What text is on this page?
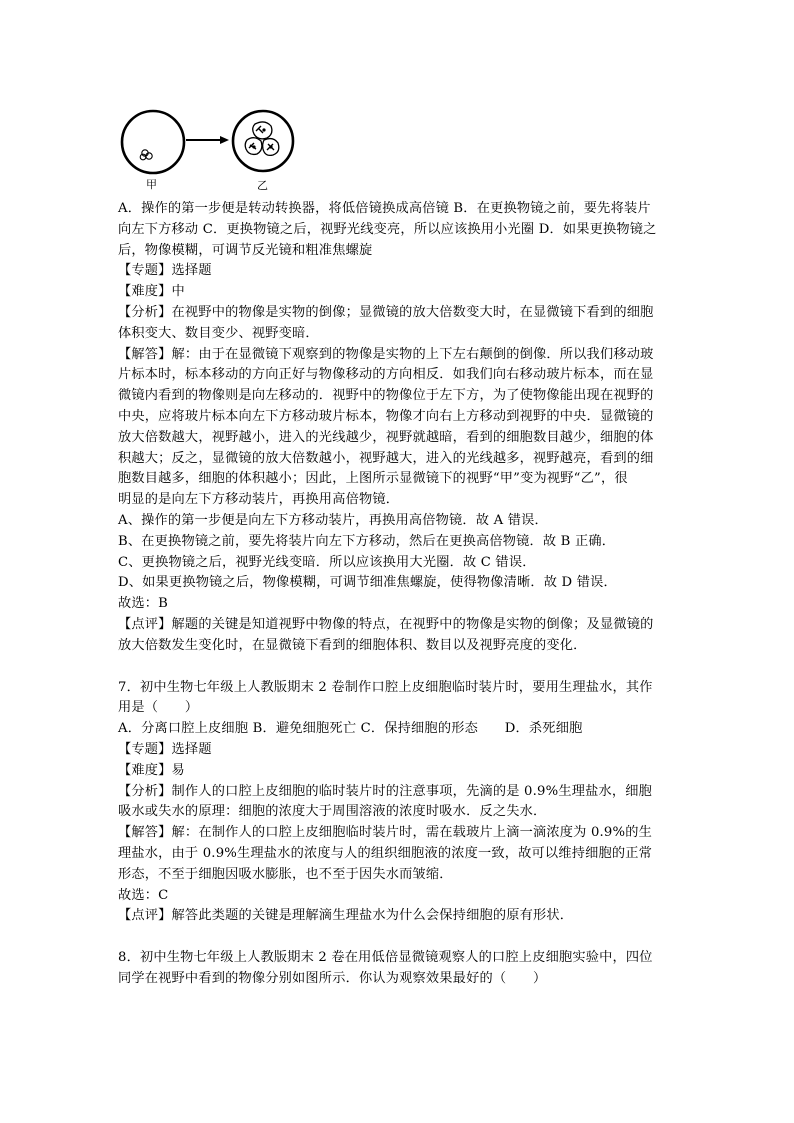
甲	乙
A．操作的第一步便是转动转换器，将低倍镜换成高倍镜 B．在更换物镜之前，要先将装片
向左下方移动 C．更换物镜之后，视野光线变亮，所以应该换用小光圈 D．如果更换物镜之
后，物像模糊，可调节反光镜和粗准焦螺旋
【专题】选择题
【难度】中
【分析】在视野中的物像是实物的倒像；显微镜的放大倍数变大时，在显微镜下看到的细胞
体积变大、数目变少、视野变暗．
【解答】解：由于在显微镜下观察到的物像是实物的上下左右颠倒的倒像．所以我们移动玻
片标本时，标本移动的方向正好与物像移动的方向相反．如我们向右移动玻片标本，而在显
微镜内看到的物像则是向左移动的．视野中的物像位于左下方，为了使物像能出现在视野的
中央，应将玻片标本向左下方移动玻片标本，物像才向右上方移动到视野的中央．显微镜的
放大倍数越大，视野越小，进入的光线越少，视野就越暗，看到的细胞数目越少，细胞的体
积越大；反之，显微镜的放大倍数越小，视野越大，进入的光线越多，视野越亮，看到的细
胞数目越多，细胞的体积越小；因此，上图所示显微镜下的视野“甲”变为视野“乙”，很
明显的是向左下方移动装片，再换用高倍物镜．
A、操作的第一步便是向左下方移动装片，再换用高倍物镜．故 A 错误．
B、在更换物镜之前，要先将装片向左下方移动，然后在更换高倍物镜．故 B 正确．
C、更换物镜之后，视野光线变暗．所以应该换用大光圈．故 C 错误．
D、如果更换物镜之后，物像模糊，可调节细准焦螺旋，使得物像清晰．故 D 错误．
故选：B
【点评】解题的关键是知道视野中物像的特点，在视野中的物像是实物的倒像；及显微镜的
放大倍数发生变化时，在显微镜下看到的细胞体积、数目以及视野亮度的变化．
7．初中生物七年级上人教版期末 2 卷制作口腔上皮细胞临时装片时，要用生理盐水，其作
用是（　　）
A．分离口腔上皮细胞 B．避免细胞死亡 C．保持细胞的形态　　D．杀死细胞
【专题】选择题
【难度】易
【分析】制作人的口腔上皮细胞的临时装片时的注意事项，先滴的是 0.9%生理盐水，细胞
吸水或失水的原理：细胞的浓度大于周围溶液的浓度时吸水．反之失水．
【解答】解：在制作人的口腔上皮细胞临时装片时，需在载玻片上滴一滴浓度为 0.9%的生
理盐水，由于 0.9%生理盐水的浓度与人的组织细胞液的浓度一致，故可以维持细胞的正常
形态，不至于细胞因吸水膨胀，也不至于因失水而皱缩．
故选：C
【点评】解答此类题的关键是理解滴生理盐水为什么会保持细胞的原有形状．
8．初中生物七年级上人教版期末 2 卷在用低倍显微镜观察人的口腔上皮细胞实验中，四位
同学在视野中看到的物像分别如图所示．你认为观察效果最好的（　　）
